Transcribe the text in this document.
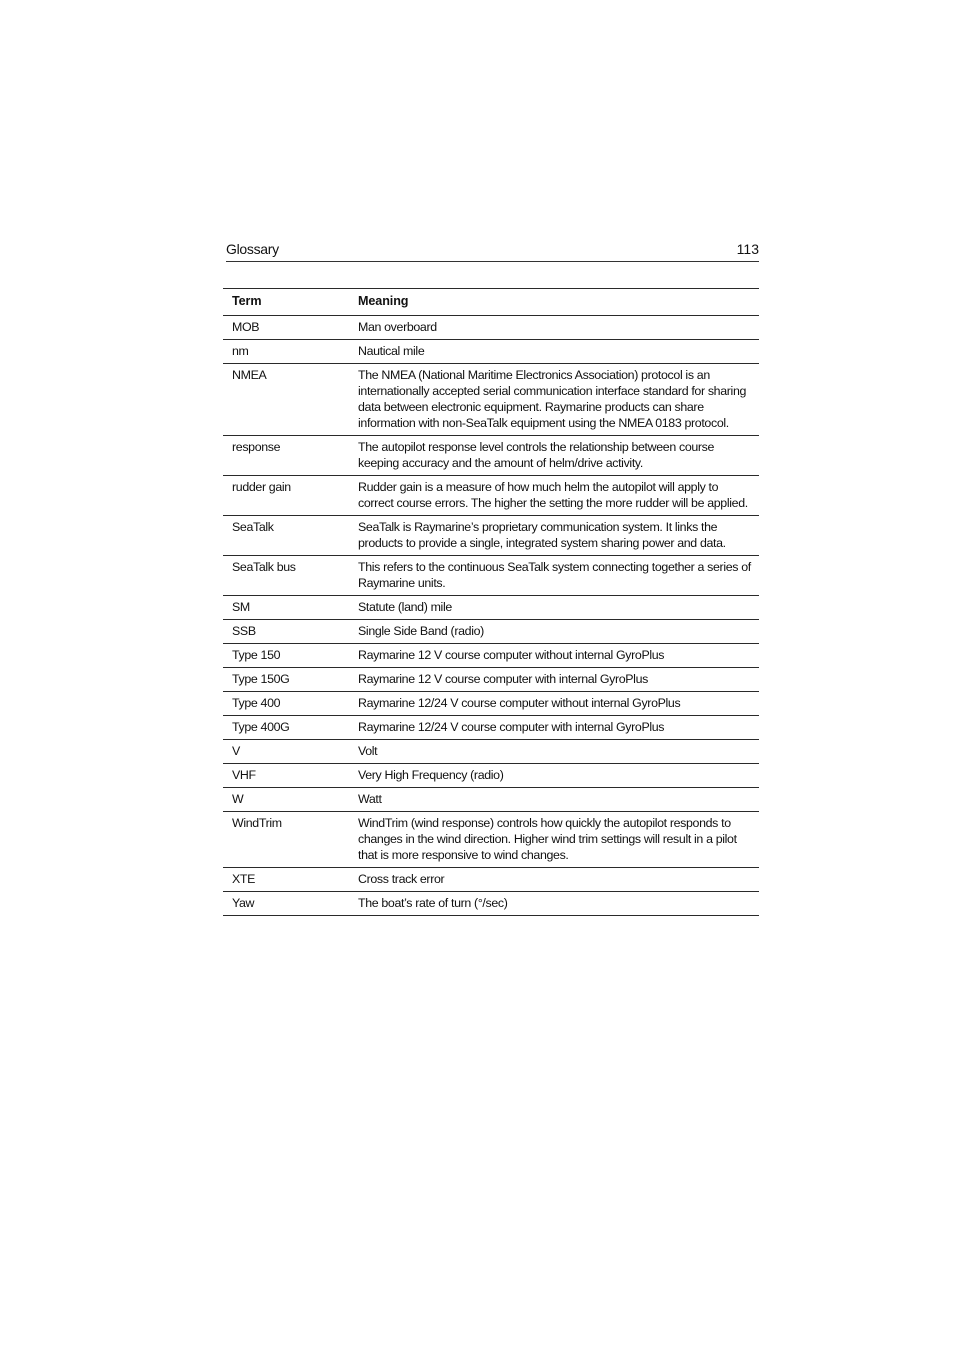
Glossary	113
Term	Meaning
MOB	Man overboard
nm	Nautical mile
NMEA	The NMEA (National Maritime Electronics Association) protocol is an internationally accepted serial communication interface standard for sharing data between electronic equipment. Raymarine products can share information with non-SeaTalk equipment using the NMEA 0183 protocol.
response	The autopilot response level controls the relationship between course keeping accuracy and the amount of helm/drive activity.
rudder gain	Rudder gain is a measure of how much helm the autopilot will apply to correct course errors. The higher the setting the more rudder will be applied.
SeaTalk	SeaTalk is Raymarine’s proprietary communication system. It links the products to provide a single, integrated system sharing power and data.
SeaTalk bus	This refers to the continuous SeaTalk system connecting together a series of Raymarine units.
SM	Statute (land) mile
SSB	Single Side Band (radio)
Type 150	Raymarine 12 V course computer without internal GyroPlus
Type 150G	Raymarine 12 V course computer with internal GyroPlus
Type 400	Raymarine 12/24 V course computer without internal GyroPlus
Type 400G	Raymarine 12/24 V course computer with internal GyroPlus
V	Volt
VHF	Very High Frequency (radio)
W	Watt
WindTrim	WindTrim (wind response) controls how quickly the autopilot responds to changes in the wind direction. Higher wind trim settings will result in a pilot that is more responsive to wind changes.
XTE	Cross track error
Yaw	The boat’s rate of turn (°/sec)
